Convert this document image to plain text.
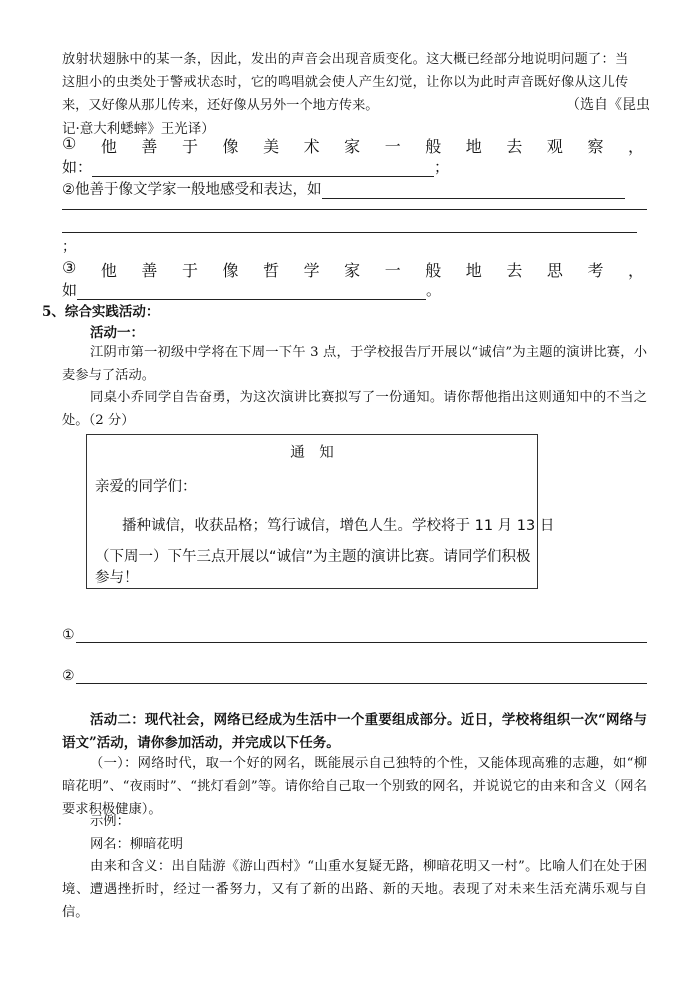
放射状翅脉中的某一条，因此，发出的声音会出现音质变化。这大概已经部分地说明问题了：当
这胆小的虫类处于警戒状态时，它的鸣唱就会使人产生幻觉，让你以为此时声音既好像从这儿传
来，又好像从那儿传来，还好像从另外一个地方传来。	（选自《昆虫
记·意大利蟋蟀》王光译）
① 他 善 于 像 美 术 家 一 般 地 去 观 察 ，
如：	；
②他善于像文学家一般地感受和表达，如
；
③ 他 善 于 像 哲 学 家 一 般 地 去 思 考 ，
如	。
5、综合实践活动：
活动一：
江阴市第一初级中学将在下周一下午 3 点，于学校报告厅开展以“诚信”为主题的演讲比赛，小麦参与了活动。
同桌小乔同学自告奋勇，为这次演讲比赛拟写了一份通知。请你帮他指出这则通知中的不当之处。（2 分）
通　知
亲爱的同学们：
播种诚信，收获品格；笃行诚信，增色人生。学校将于 11 月 13 日
（下周一）下午三点开展以“诚信”为主题的演讲比赛。请同学们积极
参与！
①
②
活动二：现代社会，网络已经成为生活中一个重要组成部分。近日，学校将组织一次“网络与语文”活动，请你参加活动，并完成以下任务。
（一）：网络时代，取一个好的网名，既能展示自己独特的个性，又能体现高雅的志趣，如“柳暗花明”、“夜雨时”、“挑灯看剑”等。请你给自己取一个别致的网名，并说说它的由来和含义（网名要求积极健康）。
示例：
网名：柳暗花明
由来和含义：出自陆游《游山西村》“山重水复疑无路，柳暗花明又一村”。比喻人们在处于困境、遭遇挫折时，经过一番努力，又有了新的出路、新的天地。表现了对未来生活充满乐观与自信。
